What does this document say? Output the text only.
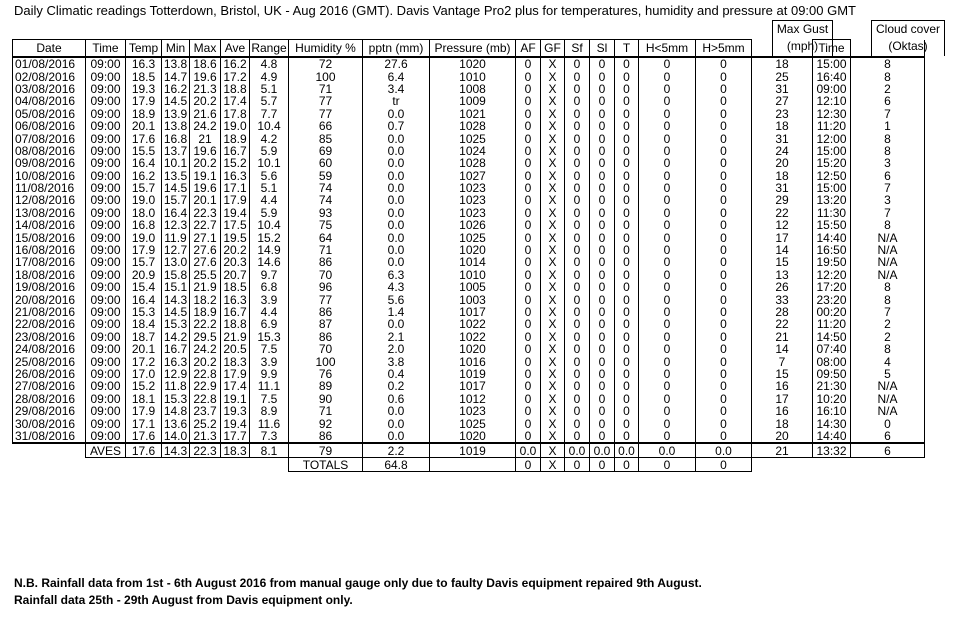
Daily Climatic readings Totterdown, Bristol, UK - Aug 2016 (GMT). Davis Vantage Pro2 plus for temperatures, humidity and pressure at 09:00 GMT
Max Gust
(mph)
Cloud cover
(Oktas)
Date	Time	Temp	Min	Max	Ave	Range	Humidity %	pptn (mm)	Pressure (mb)	AF	GF	Sf	Sl	T	H<5mm	H>5mm		Time	
01/08/2016	09:00	16.3	13.8	18.6	16.2	4.8	72	27.6	1020	0	X	0	0	0	0	0	18	15:00	8
02/08/2016	09:00	18.5	14.7	19.6	17.2	4.9	100	6.4	1010	0	X	0	0	0	0	0	25	16:40	8
03/08/2016	09:00	19.3	16.2	21.3	18.8	5.1	71	3.4	1008	0	X	0	0	0	0	0	31	09:00	2
04/08/2016	09:00	17.9	14.5	20.2	17.4	5.7	77	tr	1009	0	X	0	0	0	0	0	27	12:10	6
05/08/2016	09:00	18.9	13.9	21.6	17.8	7.7	77	0.0	1021	0	X	0	0	0	0	0	23	12:30	7
06/08/2016	09:00	20.1	13.8	24.2	19.0	10.4	66	0.7	1028	0	X	0	0	0	0	0	18	11:20	1
07/08/2016	09:00	17.6	16.8	21	18.9	4.2	85	0.0	1025	0	X	0	0	0	0	0	31	12:00	8
08/08/2016	09:00	15.5	13.7	19.6	16.7	5.9	69	0.0	1024	0	X	0	0	0	0	0	24	15:00	8
09/08/2016	09:00	16.4	10.1	20.2	15.2	10.1	60	0.0	1028	0	X	0	0	0	0	0	20	15:20	3
10/08/2016	09:00	16.2	13.5	19.1	16.3	5.6	59	0.0	1027	0	X	0	0	0	0	0	18	12:50	6
11/08/2016	09:00	15.7	14.5	19.6	17.1	5.1	74	0.0	1023	0	X	0	0	0	0	0	31	15:00	7
12/08/2016	09:00	19.0	15.7	20.1	17.9	4.4	74	0.0	1023	0	X	0	0	0	0	0	29	13:20	3
13/08/2016	09:00	18.0	16.4	22.3	19.4	5.9	93	0.0	1023	0	X	0	0	0	0	0	22	11:30	7
14/08/2016	09:00	16.8	12.3	22.7	17.5	10.4	75	0.0	1026	0	X	0	0	0	0	0	12	15:50	8
15/08/2016	09:00	19.0	11.9	27.1	19.5	15.2	64	0.0	1025	0	X	0	0	0	0	0	17	14:40	N/A
16/08/2016	09:00	17.9	12.7	27.6	20.2	14.9	71	0.0	1020	0	X	0	0	0	0	0	14	16:50	N/A
17/08/2016	09:00	15.7	13.0	27.6	20.3	14.6	86	0.0	1014	0	X	0	0	0	0	0	15	19:50	N/A
18/08/2016	09:00	20.9	15.8	25.5	20.7	9.7	70	6.3	1010	0	X	0	0	0	0	0	13	12:20	N/A
19/08/2016	09:00	15.4	15.1	21.9	18.5	6.8	96	4.3	1005	0	X	0	0	0	0	0	26	17:20	8
20/08/2016	09:00	16.4	14.3	18.2	16.3	3.9	77	5.6	1003	0	X	0	0	0	0	0	33	23:20	8
21/08/2016	09:00	15.3	14.5	18.9	16.7	4.4	86	1.4	1017	0	X	0	0	0	0	0	28	00:20	7
22/08/2016	09:00	18.4	15.3	22.2	18.8	6.9	87	0.0	1022	0	X	0	0	0	0	0	22	11:20	2
23/08/2016	09:00	18.7	14.2	29.5	21.9	15.3	86	2.1	1022	0	X	0	0	0	0	0	21	14:50	2
24/08/2016	09:00	20.1	16.7	24.2	20.5	7.5	70	2.0	1020	0	X	0	0	0	0	0	14	07:40	8
25/08/2016	09:00	17.2	16.3	20.2	18.3	3.9	100	3.8	1016	0	X	0	0	0	0	0	7	08:00	4
26/08/2016	09:00	17.0	12.9	22.8	17.9	9.9	76	0.4	1019	0	X	0	0	0	0	0	15	09:50	5
27/08/2016	09:00	15.2	11.8	22.9	17.4	11.1	89	0.2	1017	0	X	0	0	0	0	0	16	21:30	N/A
28/08/2016	09:00	18.1	15.3	22.8	19.1	7.5	90	0.6	1012	0	X	0	0	0	0	0	17	10:20	N/A
29/08/2016	09:00	17.9	14.8	23.7	19.3	8.9	71	0.0	1023	0	X	0	0	0	0	0	16	16:10	N/A
30/08/2016	09:00	17.1	13.6	25.2	19.4	11.6	92	0.0	1025	0	X	0	0	0	0	0	18	14:30	0
31/08/2016	09:00	17.6	14.0	21.3	17.7	7.3	86	0.0	1020	0	X	0	0	0	0	0	20	14:40	6
	AVES	17.6	14.3	22.3	18.3	8.1	79	2.2	1019	0.0	X	0.0	0.0	0.0	0.0	0.0	21	13:32	6
							TOTALS	64.8		0	X	0	0	0	0	0			
N.B. Rainfall data from 1st - 6th August 2016 from manual gauge only due to faulty Davis equipment repaired 9th August.
Rainfall data 25th - 29th August from Davis equipment only.
